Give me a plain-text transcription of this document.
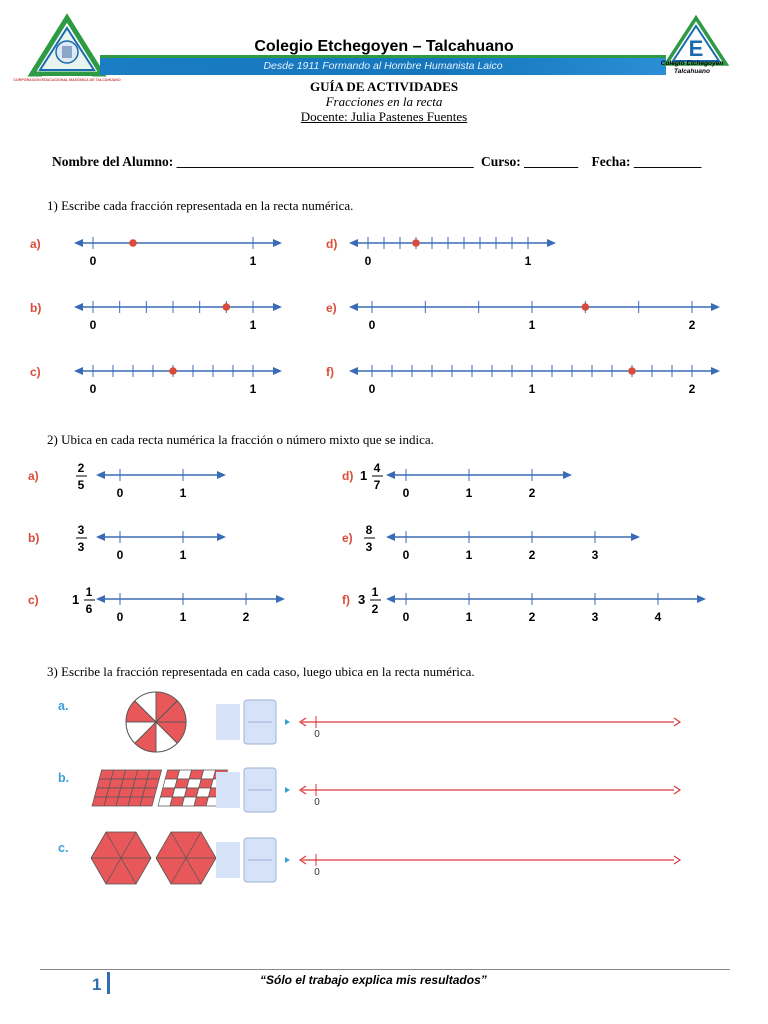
CORPORACIÓN EDUCACIONAL MASÓNICA DE TALCAHUANO
Colegio Etchegoyen – Talcahuano
Desde 1911 Formando al Hombre Humanista Laico
E
Colegio Etchegoyen Talcahuano
GUÍA DE ACTIVIDADES
Fracciones en la recta
Docente: Julia Pastenes Fuentes
Nombre del Alumno: ____________________________________________ Curso: ________ Fecha: __________
1) Escribe cada fracción representada en la recta numérica.
a)
0	1
b)
0	1
c)
0	1
d)
0	1
e)
0	1	2
f)
0	1	2
2) Ubica en cada recta numérica la fracción o número mixto que se indica.
a)
2
5
0	1
b)
3
3
0	1
c)	1 1
6
0	1	2
d) 1 4
7
0	1	2
e)
8
3
0	1	2	3
f) 3 1
2
0	1	2	3	4
3) Escribe la fracción representada en cada caso, luego ubica en la recta numérica.
a.
0
b.
0
c.
0
1	“Sólo el trabajo explica mis resultados”
